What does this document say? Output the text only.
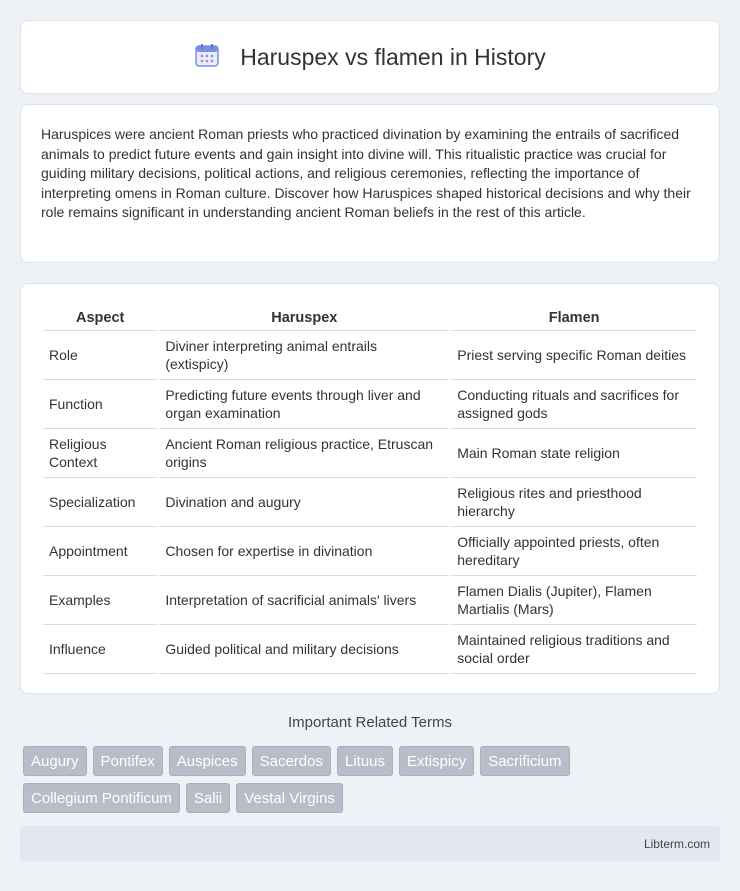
Haruspex vs flamen in History

Haruspices were ancient Roman priests who practiced divination by examining the entrails of sacrificed animals to predict future events and gain insight into divine will. This ritualistic practice was crucial for guiding military decisions, political actions, and religious ceremonies, reflecting the importance of interpreting omens in Roman culture. Discover how Haruspices shaped historical decisions and why their role remains significant in understanding ancient Roman beliefs in the rest of this article.

Aspect	Haruspex	Flamen
Role	Diviner interpreting animal entrails (extispicy)	Priest serving specific Roman deities
Function	Predicting future events through liver and organ examination	Conducting rituals and sacrifices for assigned gods
Religious Context	Ancient Roman religious practice, Etruscan origins	Main Roman state religion
Specialization	Divination and augury	Religious rites and priesthood hierarchy
Appointment	Chosen for expertise in divination	Officially appointed priests, often hereditary
Examples	Interpretation of sacrificial animals' livers	Flamen Dialis (Jupiter), Flamen Martialis (Mars)
Influence	Guided political and military decisions	Maintained religious traditions and social order
Important Related Terms
Augury	Pontifex	Auspices	Sacerdos	Lituus	Extispicy	Sacrificium
Collegium Pontificum	Salii	Vestal Virgins
Libterm.com
